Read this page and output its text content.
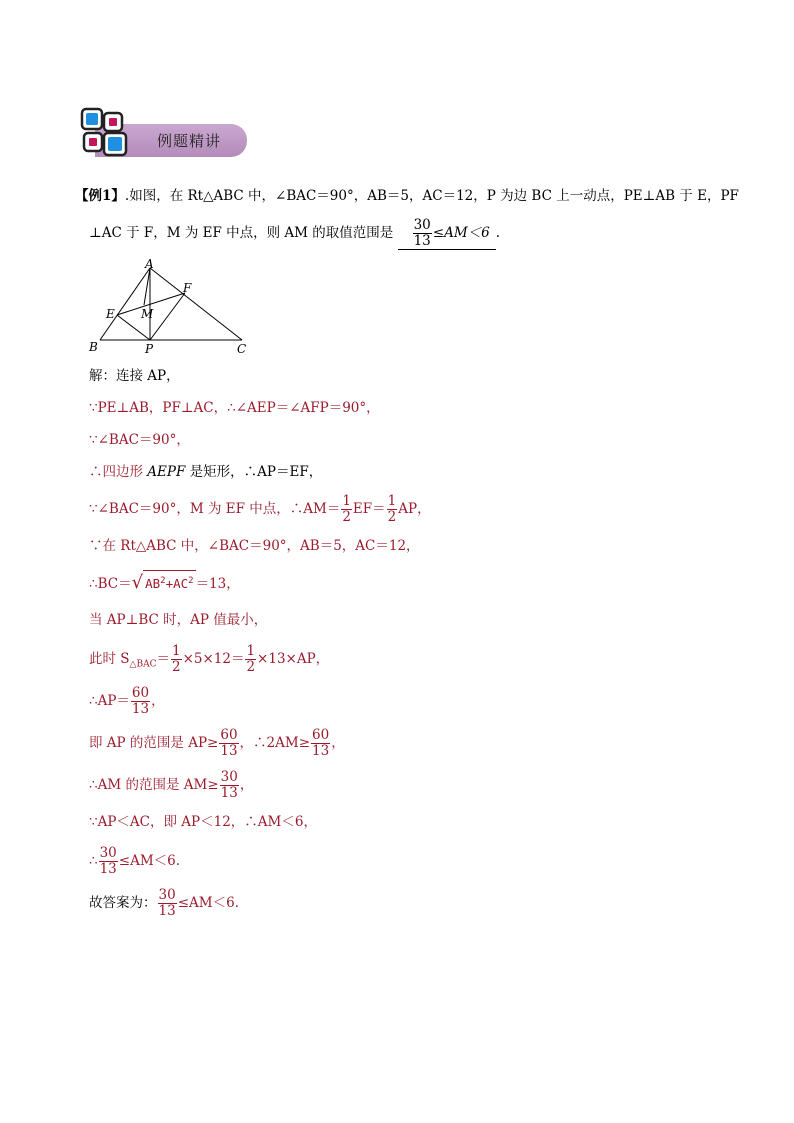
例题精讲
【例1】.如图，在 Rt△ABC 中，∠BAC＝90°，AB＝5，AC＝12，P 为边 BC 上一动点，PE⊥AB 于 E，PF
⊥AC 于 F，M 为 EF 中点，则 AM 的取值范围是 $\frac{30}{13} \le AM<6$ .
A
B	C
E
F
M
P
解：连接 AP，
∵PE⊥AB，PF⊥AC，∴∠AEP＝∠AFP＝90°，
∵∠BAC＝90°，
∴四边形 AEPF 是矩形，∴AP＝EF，
∵∠BAC＝90°，M 为 EF 中点，∴AM＝ $\frac{1}{2} EF= \frac{1}{2}$ AP，
∵在 Rt△ABC 中，∠BAC＝90°，AB＝5，AC＝12，
∴BC＝√ $AB^2+AC^2 =13$，
当 AP⊥BC 时，AP 值最小，
此时 $S_{\triangle BAC}= \frac{1}{2} \times 5\times 12= \frac{1}{2} \times 13\times AP$，
∴AP＝ $\frac{60}{13}$ ，
即 AP 的范围是 $AP\ge \frac{60}{13}$ ，∴2AM≥ $\frac{60}{13}$ ，
∴AM 的范围是 $AM\ge \frac{30}{13}$ ，
∵AP＜AC，即 AP＜12，∴AM＜6，
∴ $\frac{30}{13} \le AM<6$.
故答案为： $\frac{30}{13} \le AM<6$.
